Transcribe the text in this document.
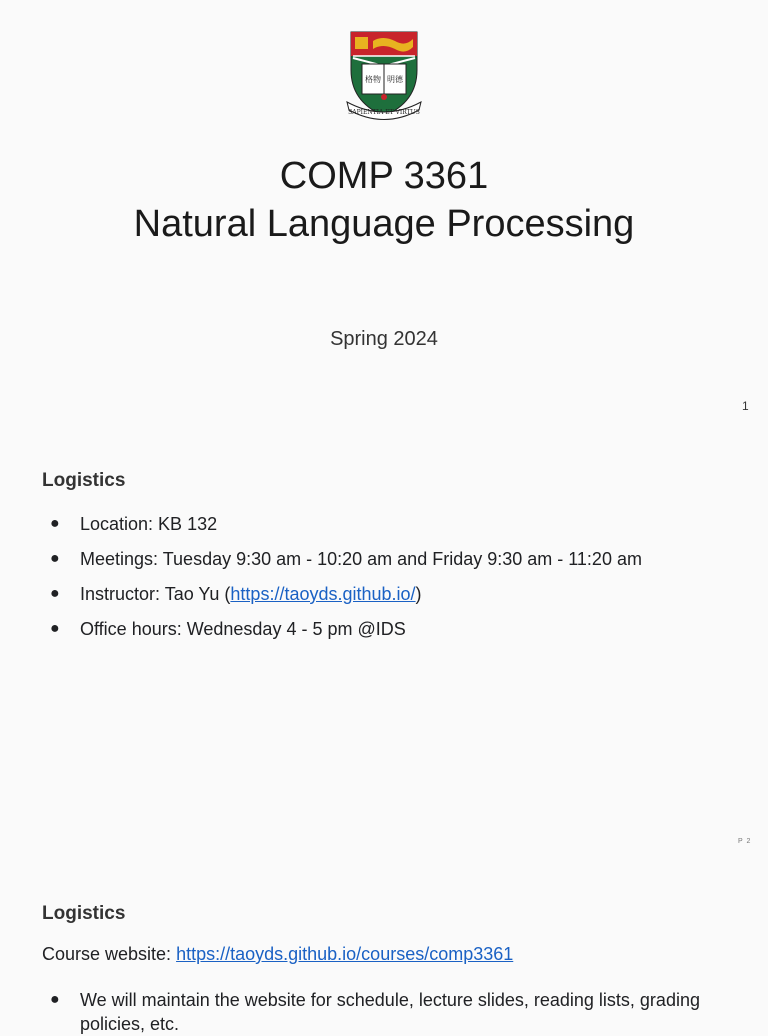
格物 明德
SAPIENTIA ET VIRTUS
COMP 3361
Natural Language Processing
Spring 2024
1
Logistics
● Location: KB 132
● Meetings: Tuesday 9:30 am - 10:20 am and Friday 9:30 am - 11:20 am
● Instructor: Tao Yu (https://taoyds.github.io/)
● Office hours: Wednesday 4 - 5 pm @IDS
P 2
Logistics
Course website: https://taoyds.github.io/courses/comp3361
● We will maintain the website for schedule, lecture slides, reading lists, grading policies, etc.
